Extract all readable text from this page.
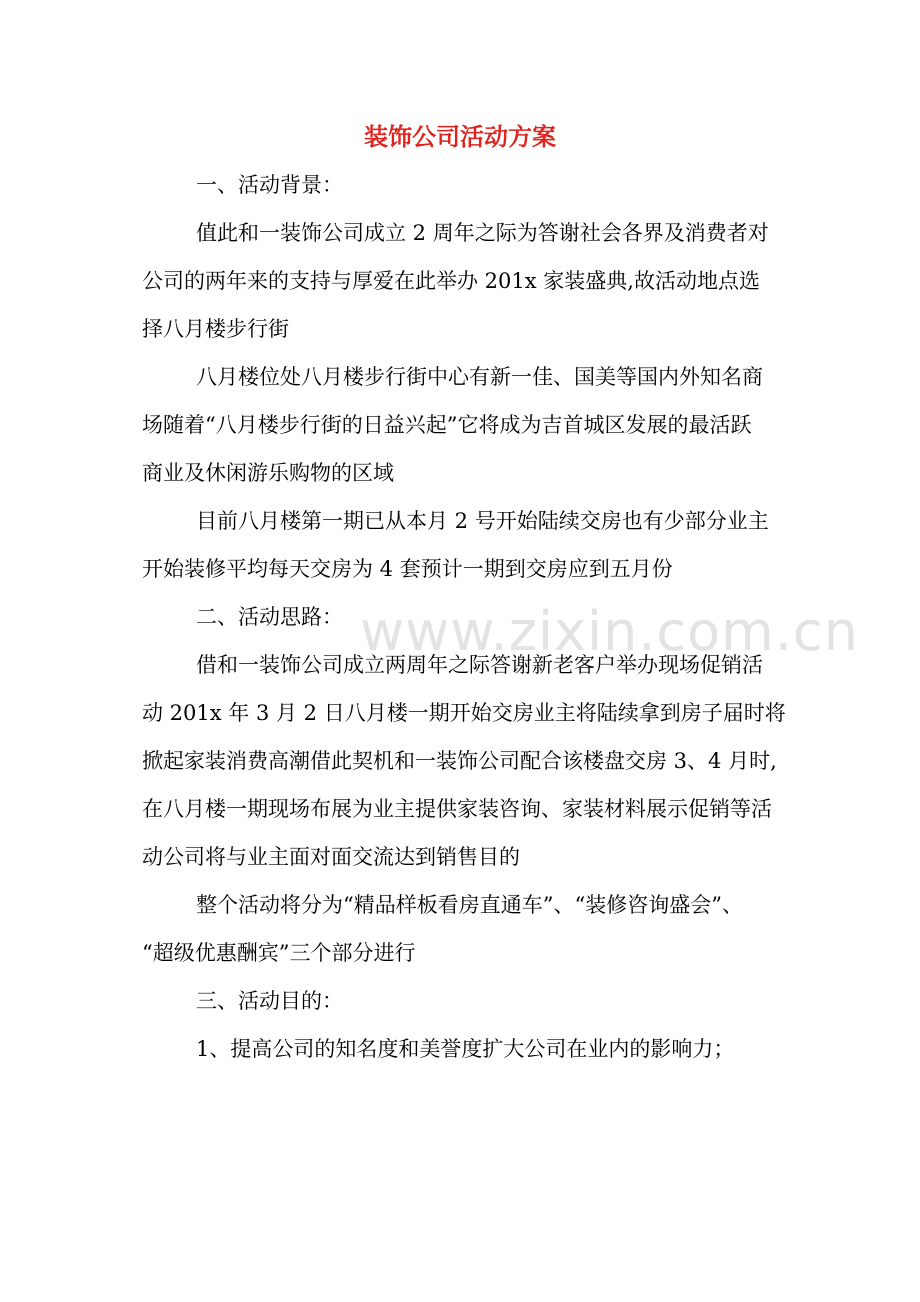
装饰公司活动方案
一、活动背景：
值此和一装饰公司成立 2 周年之际为答谢社会各界及消费者对
公司的两年来的支持与厚爱在此举办 201x 家装盛典,故活动地点选
择八月楼步行街
八月楼位处八月楼步行街中心有新一佳、国美等国内外知名商
场随着“八月楼步行街的日益兴起”它将成为吉首城区发展的最活跃
商业及休闲游乐购物的区域
目前八月楼第一期已从本月 2 号开始陆续交房也有少部分业主
开始装修平均每天交房为 4 套预计一期到交房应到五月份
二、活动思路：
借和一装饰公司成立两周年之际答谢新老客户举办现场促销活
动 201x 年 3 月 2 日八月楼一期开始交房业主将陆续拿到房子届时将
掀起家装消费高潮借此契机和一装饰公司配合该楼盘交房 3、4 月时,
在八月楼一期现场布展为业主提供家装咨询、家装材料展示促销等活
动公司将与业主面对面交流达到销售目的
整个活动将分为“精品样板看房直通车”、“装修咨询盛会”、
“超级优惠酬宾”三个部分进行
三、活动目的：
1、提高公司的知名度和美誉度扩大公司在业内的影响力；
www.zixin.com.cn
